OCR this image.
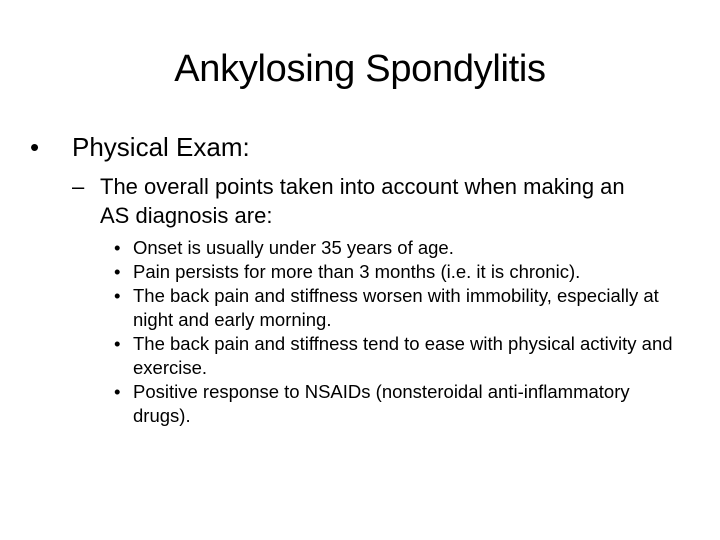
Ankylosing Spondylitis
•	Physical Exam:
– The overall points taken into account when making an AS diagnosis are:
• Onset is usually under 35 years of age.
• Pain persists for more than 3 months (i.e. it is chronic).
• The back pain and stiffness worsen with immobility, especially at night and early morning.
• The back pain and stiffness tend to ease with physical activity and exercise.
• Positive response to NSAIDs (nonsteroidal anti-inflammatory drugs).
